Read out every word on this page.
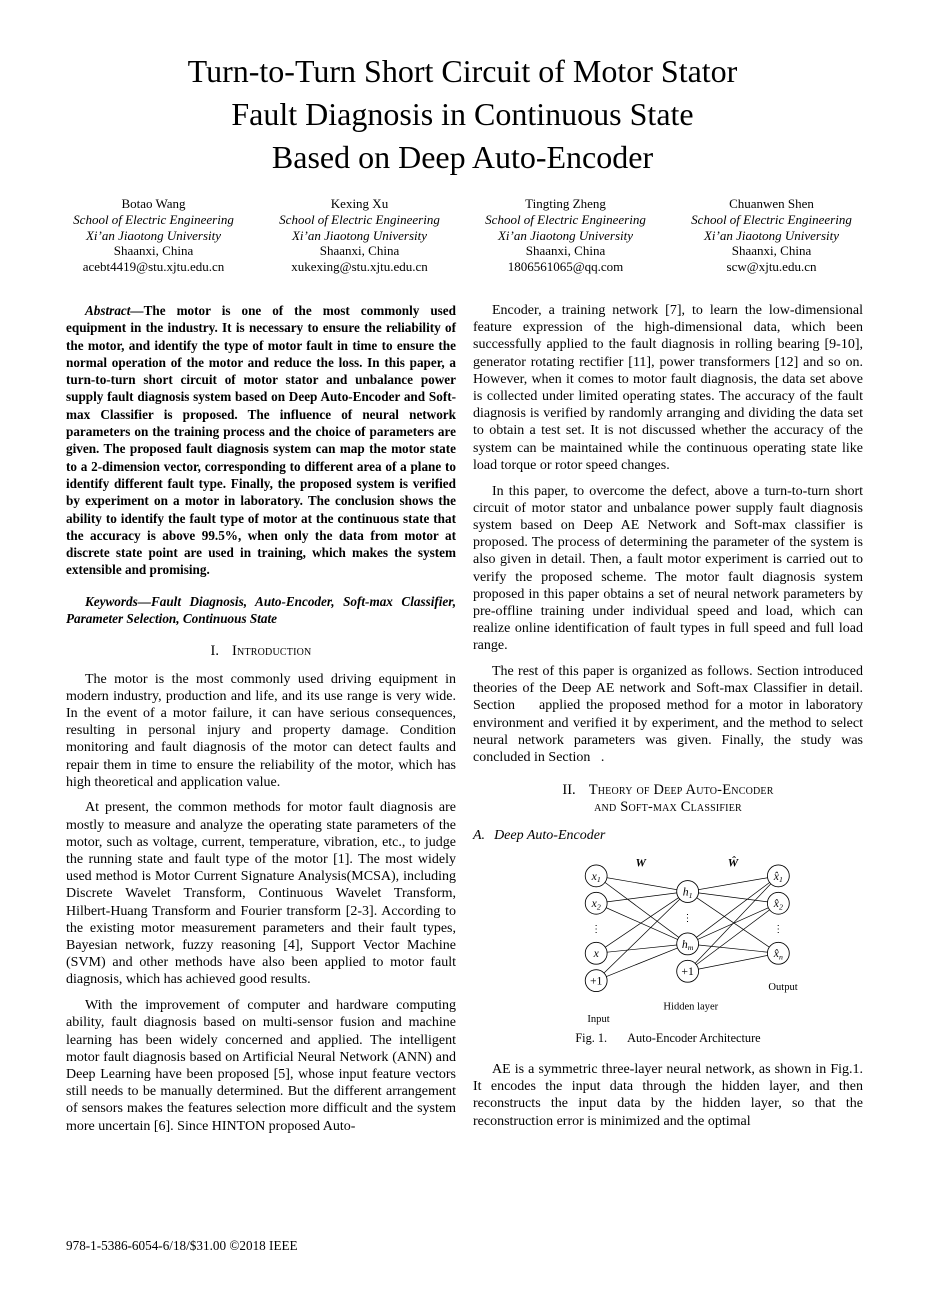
Turn-to-Turn Short Circuit of Motor Stator
Fault Diagnosis in Continuous State
Based on Deep Auto-Encoder
Botao Wang
School of Electric Engineering
Xi’an Jiaotong University
Shaanxi, China
acebt4419@stu.xjtu.edu.cn
Kexing Xu
School of Electric Engineering
Xi’an Jiaotong University
Shaanxi, China
xukexing@stu.xjtu.edu.cn
Tingting Zheng
School of Electric Engineering
Xi’an Jiaotong University
Shaanxi, China
1806561065@qq.com
Chuanwen Shen
School of Electric Engineering
Xi’an Jiaotong University
Shaanxi, China
scw@xjtu.edu.cn

Abstract—The motor is one of the most commonly used equipment in the industry. It is necessary to ensure the reliability of the motor, and identify the type of motor fault in time to ensure the normal operation of the motor and reduce the loss. In this paper, a turn-to-turn short circuit of motor stator and unbalance power supply fault diagnosis system based on Deep Auto-Encoder and Soft-max Classifier is proposed. The influence of neural network parameters on the training process and the choice of parameters are given. The proposed fault diagnosis system can map the motor state to a 2-dimension vector, corresponding to different area of a plane to identify different fault type. Finally, the proposed system is verified by experiment on a motor in laboratory. The conclusion shows the ability to identify the fault type of motor at the continuous state that the accuracy is above 99.5%, when only the data from motor at discrete state point are used in training, which makes the system extensible and promising.

Keywords—Fault Diagnosis, Auto-Encoder, Soft-max Classifier, Parameter Selection, Continuous State

I. Introduction

The motor is the most commonly used driving equipment in modern industry, production and life, and its use range is very wide. In the event of a motor failure, it can have serious consequences, resulting in personal injury and property damage. Condition monitoring and fault diagnosis of the motor can detect faults and repair them in time to ensure the reliability of the motor, which has high theoretical and application value.

At present, the common methods for motor fault diagnosis are mostly to measure and analyze the operating state parameters of the motor, such as voltage, current, temperature, vibration, etc., to judge the running state and fault type of the motor [1]. The most widely used method is Motor Current Signature Analysis(MCSA), including Discrete Wavelet Transform, Continuous Wavelet Transform, Hilbert-Huang Transform and Fourier transform [2-3]. According to the existing motor measurement parameters and their fault types, Bayesian network, fuzzy reasoning [4], Support Vector Machine (SVM) and other methods have also been applied to motor fault diagnosis, which has achieved good results.

With the improvement of computer and hardware computing ability, fault diagnosis based on multi-sensor fusion and machine learning has been widely concerned and applied. The intelligent motor fault diagnosis based on Artificial Neural Network (ANN) and Deep Learning have been proposed [5], whose input feature vectors still needs to be manually determined. But the different arrangement of sensors makes the features selection more difficult and the system more uncertain [6]. Since HINTON proposed Auto-

Encoder, a training network [7], to learn the low-dimensional feature expression of the high-dimensional data, which been successfully applied to the fault diagnosis in rolling bearing [9-10], generator rotating rectifier [11], power transformers [12] and so on. However, when it comes to motor fault diagnosis, the data set above is collected under limited operating states. The accuracy of the fault diagnosis is verified by randomly arranging and dividing the data set to obtain a test set. It is not discussed whether the accuracy of the system can be maintained while the continuous operating state like load torque or rotor speed changes.

In this paper, to overcome the defect, above a turn-to-turn short circuit of motor stator and unbalance power supply fault diagnosis system based on Deep AE Network and Soft-max classifier is proposed. The process of determining the parameter of the system is also given in detail. Then, a fault motor experiment is carried out to verify the proposed scheme. The motor fault diagnosis system proposed in this paper obtains a set of neural network parameters by pre-offline training under individual speed and load, which can realize online identification of fault types in full speed and full load range.

The rest of this paper is organized as follows. Section introduced theories of the Deep AE network and Soft-max Classifier in detail. Section    applied the proposed method for a motor in laboratory environment and verified it by experiment, and the method to select neural network parameters was given. Finally, the study was concluded in Section   .

II. Theory of Deep Auto-Encoder
and Soft-max Classifier
A. Deep Auto-Encoder
$x_1$
$x_2$
⋮
x
+1
$h_1$
⋮
$h_m$
+1
$x̂_1$
$x̂_2$
⋮
$x̂_n$
W	Ŵ
Output
Hidden layer
Input
Fig. 1. Auto-Encoder Architecture

AE is a symmetric three-layer neural network, as shown in Fig.1. It encodes the input data through the hidden layer, and then reconstructs the input data by the hidden layer, so that the reconstruction error is minimized and the optimal

978-1-5386-6054-6/18/$31.00 ©2018 IEEE
